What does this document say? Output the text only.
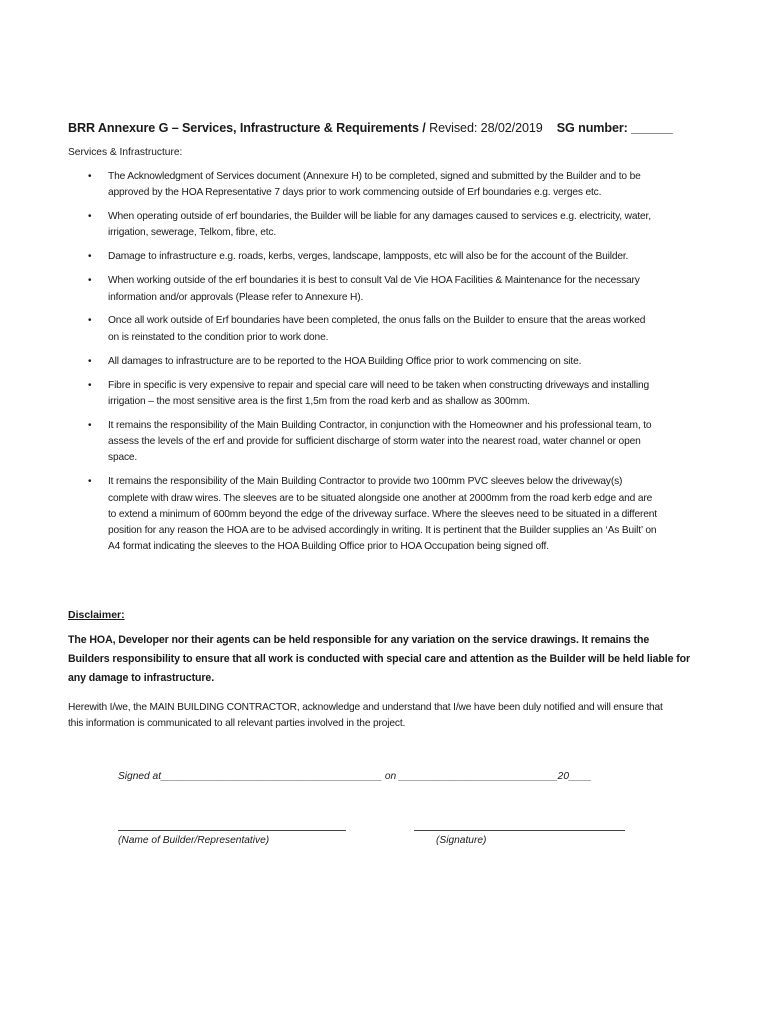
BRR Annexure G – Services, Infrastructure & Requirements / Revised: 28/02/2019 SG number: ______
Services & Infrastructure:
• The Acknowledgment of Services document (Annexure H) to be completed, signed and submitted by the Builder and to be approved by the HOA Representative 7 days prior to work commencing outside of Erf boundaries e.g. verges etc.
• When operating outside of erf boundaries, the Builder will be liable for any damages caused to services e.g. electricity, water, irrigation, sewerage, Telkom, fibre, etc.
• Damage to infrastructure e.g. roads, kerbs, verges, landscape, lampposts, etc will also be for the account of the Builder.
• When working outside of the erf boundaries it is best to consult Val de Vie HOA Facilities & Maintenance for the necessary information and/or approvals (Please refer to Annexure H).
• Once all work outside of Erf boundaries have been completed, the onus falls on the Builder to ensure that the areas worked on is reinstated to the condition prior to work done.
• All damages to infrastructure are to be reported to the HOA Building Office prior to work commencing on site.
• Fibre in specific is very expensive to repair and special care will need to be taken when constructing driveways and installing irrigation – the most sensitive area is the first 1,5m from the road kerb and as shallow as 300mm.
• It remains the responsibility of the Main Building Contractor, in conjunction with the Homeowner and his professional team, to assess the levels of the erf and provide for sufficient discharge of storm water into the nearest road, water channel or open space.
• It remains the responsibility of the Main Building Contractor to provide two 100mm PVC sleeves below the driveway(s) complete with draw wires. The sleeves are to be situated alongside one another at 2000mm from the road kerb edge and are to extend a minimum of 600mm beyond the edge of the driveway surface. Where the sleeves need to be situated in a different position for any reason the HOA are to be advised accordingly in writing. It is pertinent that the Builder supplies an ‘As Built’ on A4 format indicating the sleeves to the HOA Building Office prior to HOA Occupation being signed off.
Disclaimer:
The HOA, Developer nor their agents can be held responsible for any variation on the service drawings. It remains the Builders responsibility to ensure that all work is conducted with special care and attention as the Builder will be held liable for any damage to infrastructure.
Herewith I/we, the MAIN BUILDING CONTRACTOR, acknowledge and understand that I/we have been duly notified and will ensure that this information is communicated to all relevant parties involved in the project.
Signed at_______________________________________ on ____________________________20____
(Name of Builder/Representative)	(Signature)
